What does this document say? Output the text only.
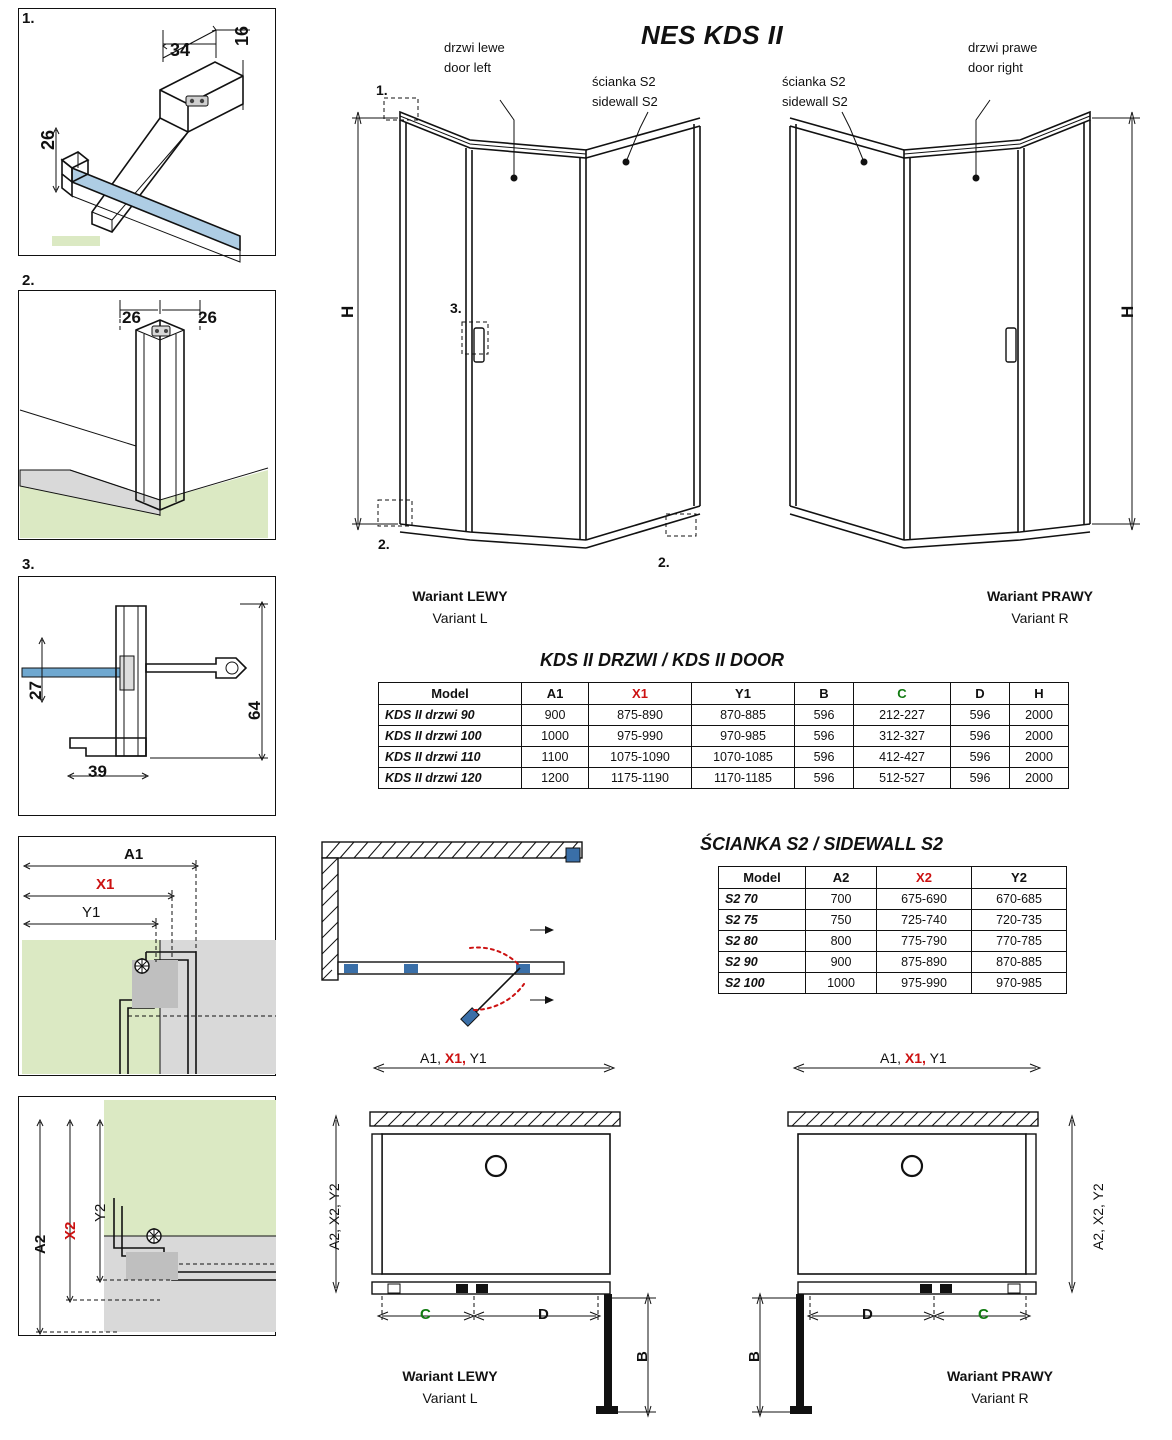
NES KDS II
1.
34
16
26
2.
26	26
3.
27
39
64
A1
X1
Y1
A2
X2
Y2
drzwi lewe
door left
ścianka S2
sidewall S2
1.
3.
2.
2.
H
Wariant LEWY
Variant L
drzwi prawe
door right
ścianka S2
sidewall S2
H
Wariant PRAWY
Variant R
KDS II DRZWI / KDS II DOOR
Model	A1	X1	Y1	B	C	D	H
KDS II drzwi 90	900	875-890	870-885	596	212-227	596	2000
KDS II drzwi 100	1000	975-990	970-985	596	312-327	596	2000
KDS II drzwi 110	1100	1075-1090	1070-1085	596	412-427	596	2000
KDS II drzwi 120	1200	1175-1190	1170-1185	596	512-527	596	2000
ŚCIANKA S2 / SIDEWALL S2
Model	A2	X2	Y2
S2 70	700	675-690	670-685
S2 75	750	725-740	720-735
S2 80	800	775-790	770-785
S2 90	900	875-890	870-885
S2 100	1000	975-990	970-985
A1, X1, Y1
A2, X2, Y2
C	D
B
Wariant LEWY
Variant L
A1, X1, Y1
A2, X2, Y2
C
D
B
Wariant PRAWY
Variant R
